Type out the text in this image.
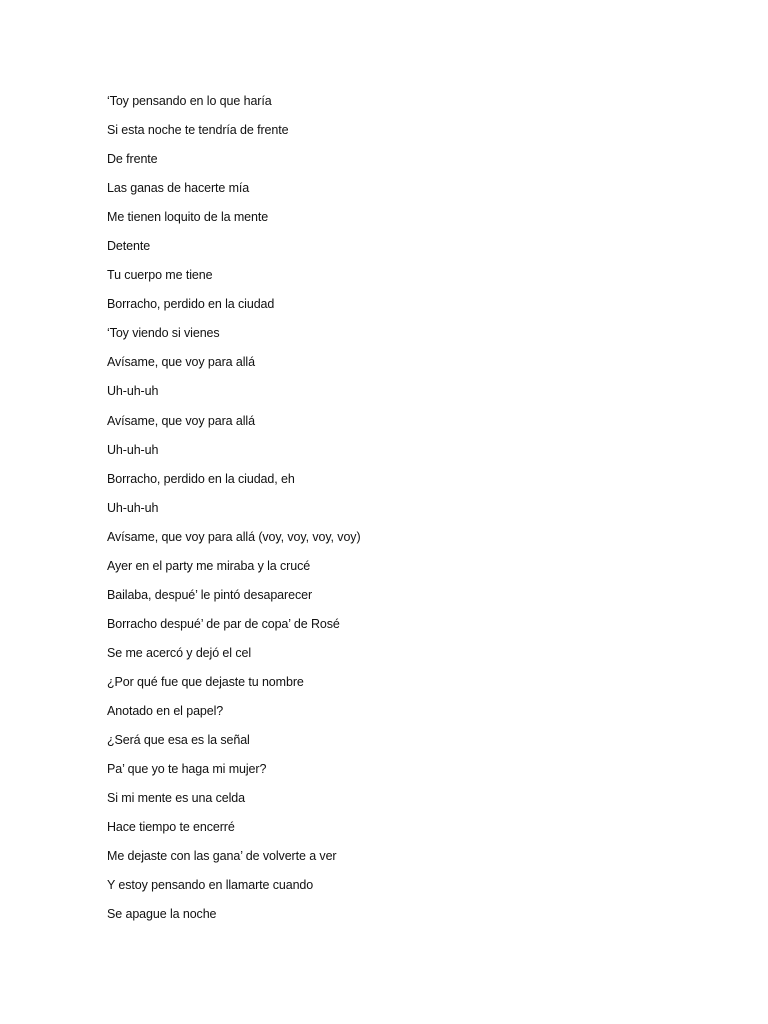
‘Toy pensando en lo que haría
Si esta noche te tendría de frente
De frente
Las ganas de hacerte mía
Me tienen loquito de la mente
Detente
Tu cuerpo me tiene
Borracho, perdido en la ciudad
‘Toy viendo si vienes
Avísame, que voy para allá
Uh-uh-uh
Avísame, que voy para allá
Uh-uh-uh
Borracho, perdido en la ciudad, eh
Uh-uh-uh
Avísame, que voy para allá (voy, voy, voy, voy)
Ayer en el party me miraba y la crucé
Bailaba, despué’ le pintó desaparecer
Borracho despué’ de par de copa’ de Rosé
Se me acercó y dejó el cel
¿Por qué fue que dejaste tu nombre
Anotado en el papel?
¿Será que esa es la señal
Pa’ que yo te haga mi mujer?
Si mi mente es una celda
Hace tiempo te encerré
Me dejaste con las gana’ de volverte a ver
Y estoy pensando en llamarte cuando
Se apague la noche
